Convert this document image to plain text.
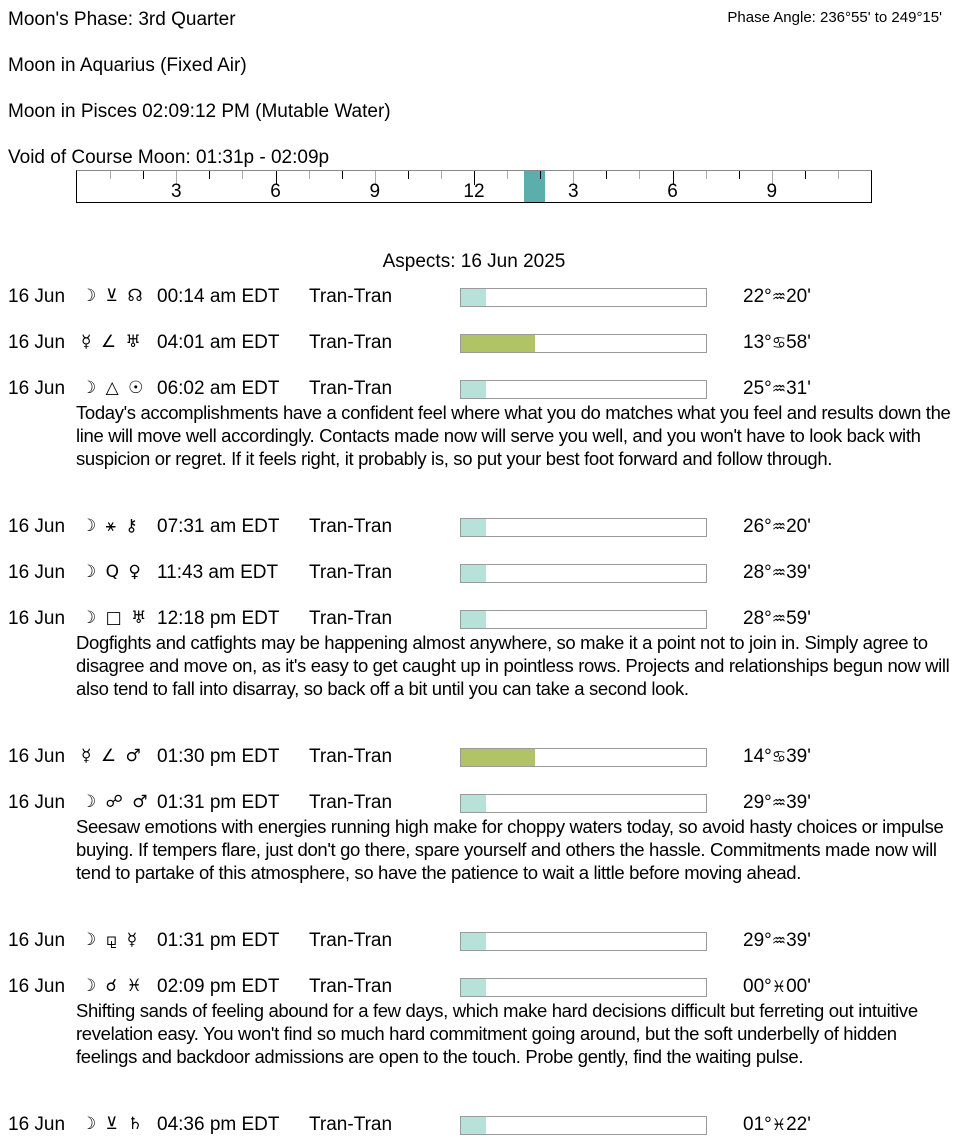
Moon's Phase: 3rd Quarter	Phase Angle: 236°55' to 249°15'
Moon in Aquarius (Fixed Air)
Moon in Pisces 02:09:12 PM (Mutable Water)
Void of Course Moon: 01:31p - 02:09p
3	6	9	12	3	6	9
Aspects: 16 Jun 2025
16 Jun ☽ ⊻ ☊ 00:14 am EDT Tran-Tran	22°♒20'
16 Jun ☿ ∠ ♅ 04:01 am EDT Tran-Tran	13°♋58'
16 Jun ☽ △ ☉ 06:02 am EDT Tran-Tran	25°♒31'
Today's accomplishments have a confident feel where what you do matches what you feel and results down the line will move well accordingly. Contacts made now will serve you well, and you won't have to look back with suspicion or regret. If it feels right, it probably is, so put your best foot forward and follow through.
16 Jun ☽ ⚹ ⚷ 07:31 am EDT Tran-Tran	26°♒20'
16 Jun ☽ Q ♀ 11:43 am EDT Tran-Tran	28°♒39'
16 Jun ☽ □ ♅ 12:18 pm EDT Tran-Tran	28°♒59'
Dogfights and catfights may be happening almost anywhere, so make it a point not to join in. Simply agree to disagree and move on, as it's easy to get caught up in pointless rows. Projects and relationships begun now will also tend to fall into disarray, so back off a bit until you can take a second look.
16 Jun ☿ ∠ ♂ 01:30 pm EDT Tran-Tran	14°♋39'
16 Jun ☽ ☍ ♂ 01:31 pm EDT Tran-Tran	29°♒39'
Seesaw emotions with energies running high make for choppy waters today, so avoid hasty choices or impulse buying. If tempers flare, just don't go there, spare yourself and others the hassle. Commitments made now will tend to partake of this atmosphere, so have the patience to wait a little before moving ahead.
16 Jun ☽ ⚼ ☿ 01:31 pm EDT Tran-Tran	29°♒39'
16 Jun ☽ ☌ ♓ 02:09 pm EDT Tran-Tran	00°♓00'
Shifting sands of feeling abound for a few days, which make hard decisions difficult but ferreting out intuitive revelation easy. You won't find so much hard commitment going around, but the soft underbelly of hidden feelings and backdoor admissions are open to the touch. Probe gently, find the waiting pulse.
16 Jun ☽ ⊻ ♄ 04:36 pm EDT Tran-Tran	01°♓22'
